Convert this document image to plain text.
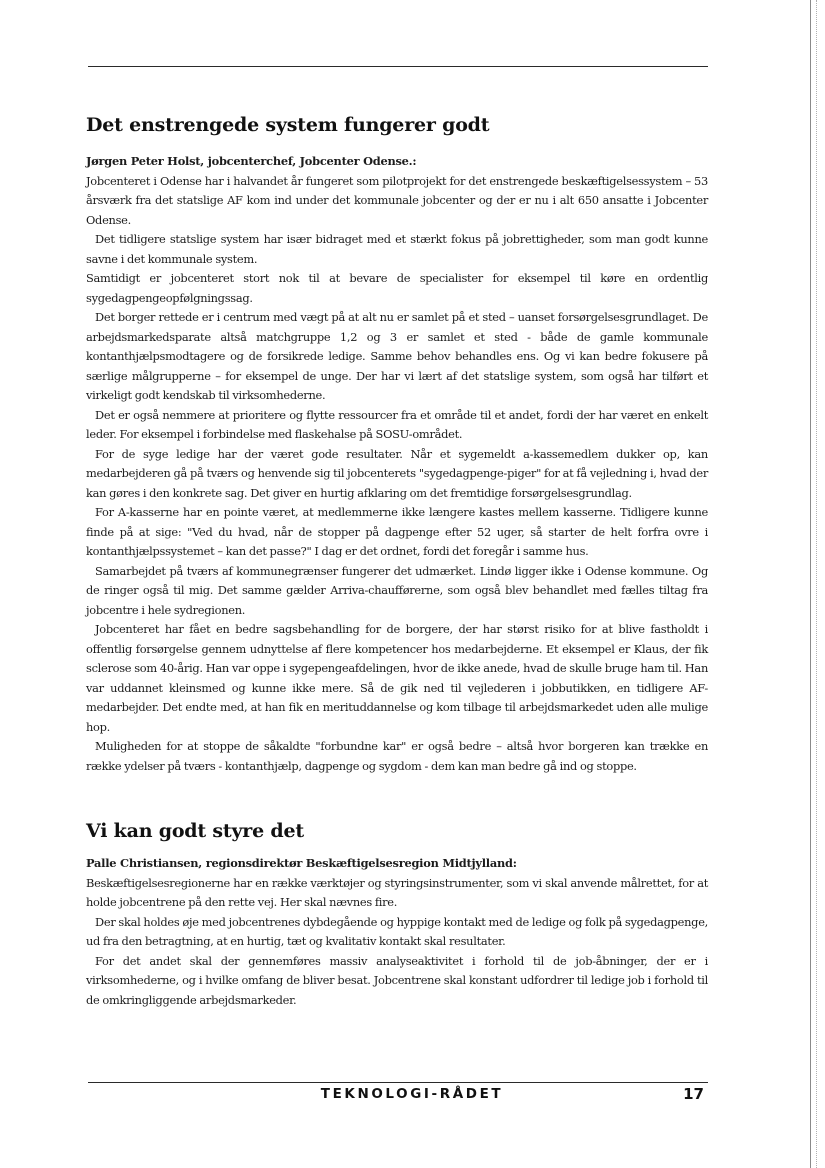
Det enstrengede system fungerer godt

Jørgen Peter Holst, jobcenterchef, Jobcenter Odense.:

Jobcenteret i Odense har i halvandet år fungeret som pilotprojekt for det enstrengede beskæftigelsessystem – 53 årsværk fra det statslige AF kom ind under det kommunale jobcenter og der er nu i alt 650 ansatte i Jobcenter Odense.

Det tidligere statslige system har især bidraget med et stærkt fokus på jobrettigheder, som man godt kunne savne i det kommunale system.

Samtidigt er jobcenteret stort nok til at bevare de specialister for eksempel til køre en ordentlig sygedagpengeopfølgningssag.

Det borger rettede er i centrum med vægt på at alt nu er samlet på et sted – uanset forsørgelsesgrundlaget. De arbejdsmarkedsparate altså matchgruppe 1,2 og 3 er samlet et sted - både de gamle kommunale kontanthjælpsmodtagere og de forsikrede ledige. Samme behov behandles ens. Og vi kan bedre fokusere på særlige målgrupperne – for eksempel de unge. Der har vi lært af det statslige system, som også har tilført et virkeligt godt kendskab til virksomhederne.

Det er også nemmere at prioritere og flytte ressourcer fra et område til et andet, fordi der har været en enkelt leder. For eksempel i forbindelse med flaskehalse på SOSU-området.

For de syge ledige har der været gode resultater. Når et sygemeldt a-kassemedlem dukker op, kan medarbejderen gå på tværs og henvende sig til jobcenterets "sygedagpenge-piger" for at få vejledning i, hvad der kan gøres i den konkrete sag. Det giver en hurtig afklaring om det fremtidige forsørgelsesgrundlag.

For A-kasserne har en pointe været, at medlemmerne ikke længere kastes mellem kasserne. Tidligere kunne finde på at sige: "Ved du hvad, når de stopper på dagpenge efter 52 uger, så starter de helt forfra ovre i kontanthjælpssystemet – kan det passe?" I dag er det ordnet, fordi det foregår i samme hus.

Samarbejdet på tværs af kommunegrænser fungerer det udmærket. Lindø ligger ikke i Odense kommune. Og de ringer også til mig. Det samme gælder Arriva-chaufførerne, som også blev behandlet med fælles tiltag fra jobcentre i hele sydregionen.

Jobcenteret har fået en bedre sagsbehandling for de borgere, der har størst risiko for at blive fastholdt i offentlig forsørgelse gennem udnyttelse af flere kompetencer hos medarbejderne. Et eksempel er Klaus, der fik sclerose som 40-årig. Han var oppe i sygepengeafdelingen, hvor de ikke anede, hvad de skulle bruge ham til. Han var uddannet kleinsmed og kunne ikke mere. Så de gik ned til vejlederen i jobbutikken, en tidligere AF-medarbejder. Det endte med, at han fik en merituddannelse og kom tilbage til arbejdsmarkedet uden alle mulige hop.

Muligheden for at stoppe de såkaldte "forbundne kar" er også bedre – altså hvor borgeren kan trække en række ydelser på tværs - kontanthjælp, dagpenge og sygdom - dem kan man bedre gå ind og stoppe.

Vi kan godt styre det

Palle Christiansen, regionsdirektør Beskæftigelsesregion Midtjylland:

Beskæftigelsesregionerne har en række værktøjer og styringsinstrumenter, som vi skal anvende målrettet, for at holde jobcentrene på den rette vej. Her skal nævnes fire.

Der skal holdes øje med jobcentrenes dybdegående og hyppige kontakt med de ledige og folk på sygedagpenge, ud fra den betragtning, at en hurtig, tæt og kvalitativ kontakt skal resultater.

For det andet skal der gennemføres massiv analyseaktivitet i forhold til de job-åbninger, der er i virksomhederne, og i hvilke omfang de bliver besat. Jobcentrene skal konstant udfordrer til ledige job i forhold til de omkringliggende arbejdsmarkeder.

TEKNOLOGI-RÅDET	17
